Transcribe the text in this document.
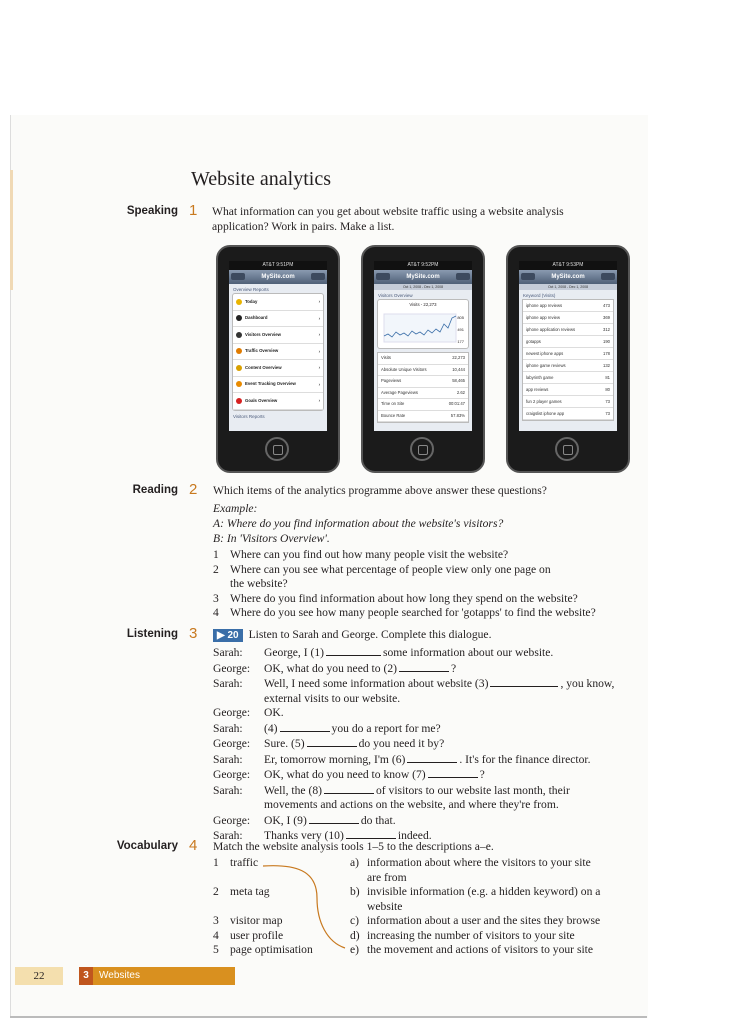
Website analytics
Speaking 1 What information can you get about website traffic using a website analysis
application? Work in pairs. Make a list.
AT&T 9:51PM
MySite.com
Overview Reports
Today	›
Dashboard	›
Visitors Overview	›
Traffic Overview	›
Content Overview	›
Event Tracking Overview	›
Goals Overview	›
Visitors Reports
AT&T 9:52PM
MySite.com
Oct 1, 2008 - Dec 1, 2008
Visitors Overview
Visits - 22,273
805
491
177
Visits	22,273
Absolute Unique Visitors	10,444
Pageviews	58,465
Average Pageviews	2.62
Time on Site	00:01:47
Bounce Rate	57.83%
AT&T 9:53PM
MySite.com
Oct 1, 2008 - Dec 1, 2008
Keyword (Visits)
iphone app reviews	473
iphone app review	369
iphone application reviews	312
gotapps	190
newest iphone apps	178
iphone game reviews	132
labyrinth game	81
app reviews	80
fun 2 player games	73
craigslist iphone app	73
Reading 2 Which items of the analytics programme above answer these questions?
Example:
A: Where do you find information about the website's visitors?
B: In 'Visitors Overview'.
1 Where can you find out how many people visit the website?
2 Where can you see what percentage of people view only one page on
the website?
3 Where do you find information about how long they spend on the website?
4 Where do you see how many people searched for 'gotapps' to find the website?
Listening 3	▶ 20 Listen to Sarah and George. Complete this dialogue.
Sarah: George, I (1)	some information about our website.
George: OK, what do you need to (2)	?
Sarah: Well, I need some information about website (3)	, you know,
external visits to our website.
George: OK.
Sarah: (4)	you do a report for me?
George: Sure. (5)	do you need it by?
Sarah: Er, tomorrow morning, I'm (6)	. It's for the finance director.
George: OK, what do you need to know (7)	?
Sarah: Well, the (8)	of visitors to our website last month, their
movements and actions on the website, and where they're from.
George: OK, I (9)	do that.
Sarah: Thanks very (10)	indeed.
Vocabulary 4 Match the website analysis tools 1–5 to the descriptions a–e.
1 traffic
2 meta tag
3 visitor map
4 user profile
5 page optimisation
a) information about where the visitors to your site
are from
b) invisible information (e.g. a hidden keyword) on a
website
c) information about a user and the sites they browse
d) increasing the number of visitors to your site
e) the movement and actions of visitors to your site
22	3 Websites
